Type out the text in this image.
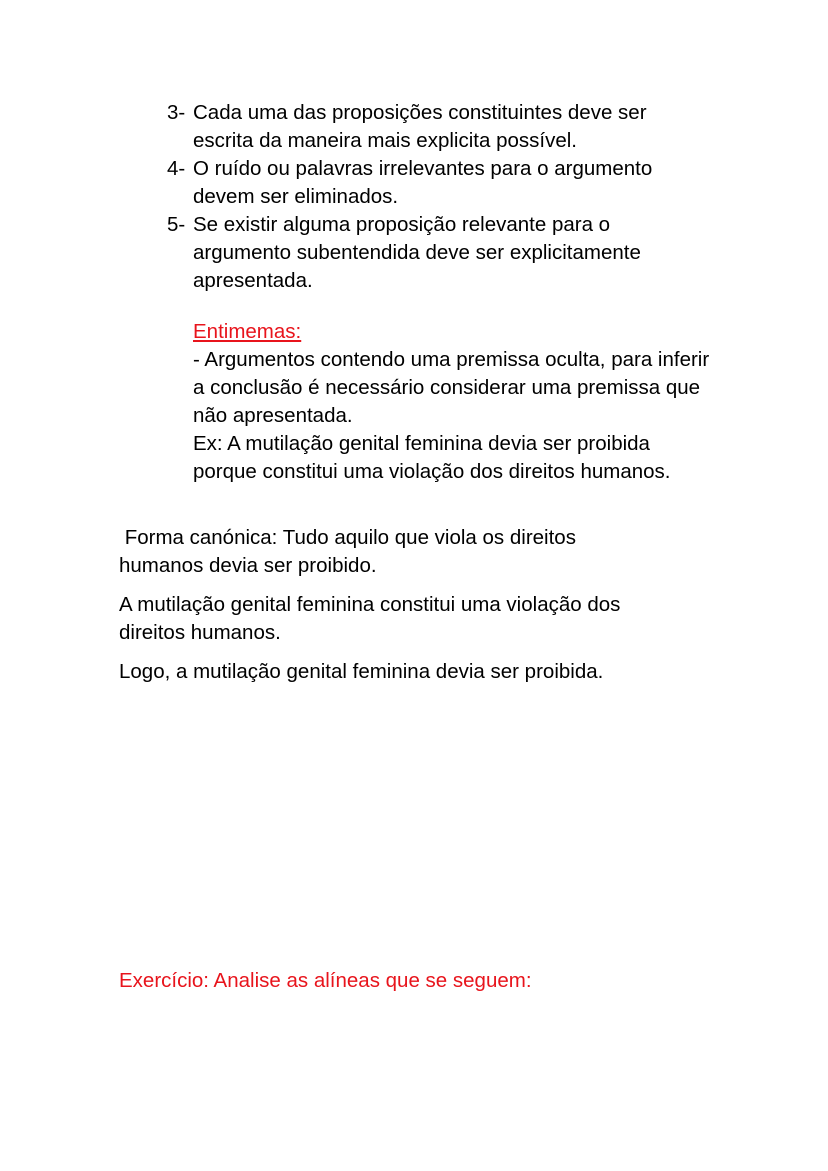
3- Cada uma das proposições constituintes deve ser escrita da maneira mais explicita possível.
4- O ruído ou palavras irrelevantes para o argumento devem ser eliminados.
5- Se existir alguma proposição relevante para o argumento subentendida deve ser explicitamente apresentada.
Entimemas:
- Argumentos contendo uma premissa oculta, para inferir a conclusão é necessário considerar uma premissa que não apresentada.
Ex: A mutilação genital feminina devia ser proibida porque constitui uma violação dos direitos humanos.

Forma canónica: Tudo aquilo que viola os direitos humanos devia ser proibido.

A mutilação genital feminina constitui uma violação dos direitos humanos.

Logo, a mutilação genital feminina devia ser proibida.

Exercício: Analise as alíneas que se seguem:
